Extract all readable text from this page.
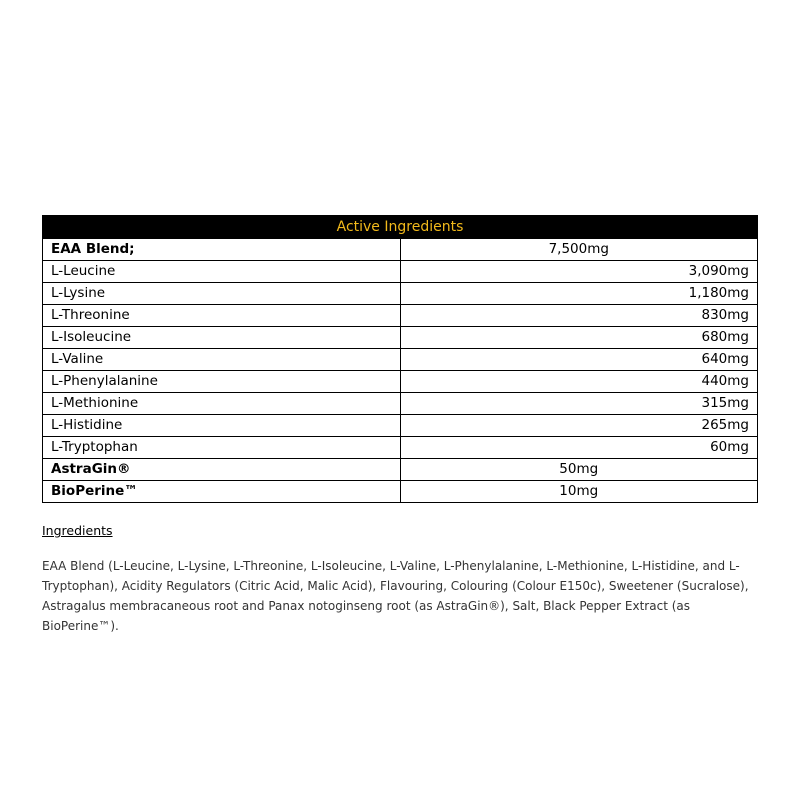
Active Ingredients	
EAA Blend;	7,500mg
L-Leucine	3,090mg
L-Lysine	1,180mg
L-Threonine	830mg
L-Isoleucine	680mg
L-Valine	640mg
L-Phenylalanine	440mg
L-Methionine	315mg
L-Histidine	265mg
L-Tryptophan	60mg
AstraGin®	50mg
BioPerine™	10mg

Ingredients

EAA Blend (L-Leucine, L-Lysine, L-Threonine, L-Isoleucine, L-Valine, L-Phenylalanine, L-Methionine, L-Histidine, and L-Tryptophan), Acidity Regulators (Citric Acid, Malic Acid), Flavouring, Colouring (Colour E150c), Sweetener (Sucralose), Astragalus membracaneous root and Panax notoginseng root (as AstraGin®), Salt, Black Pepper Extract (as BioPerine™).
